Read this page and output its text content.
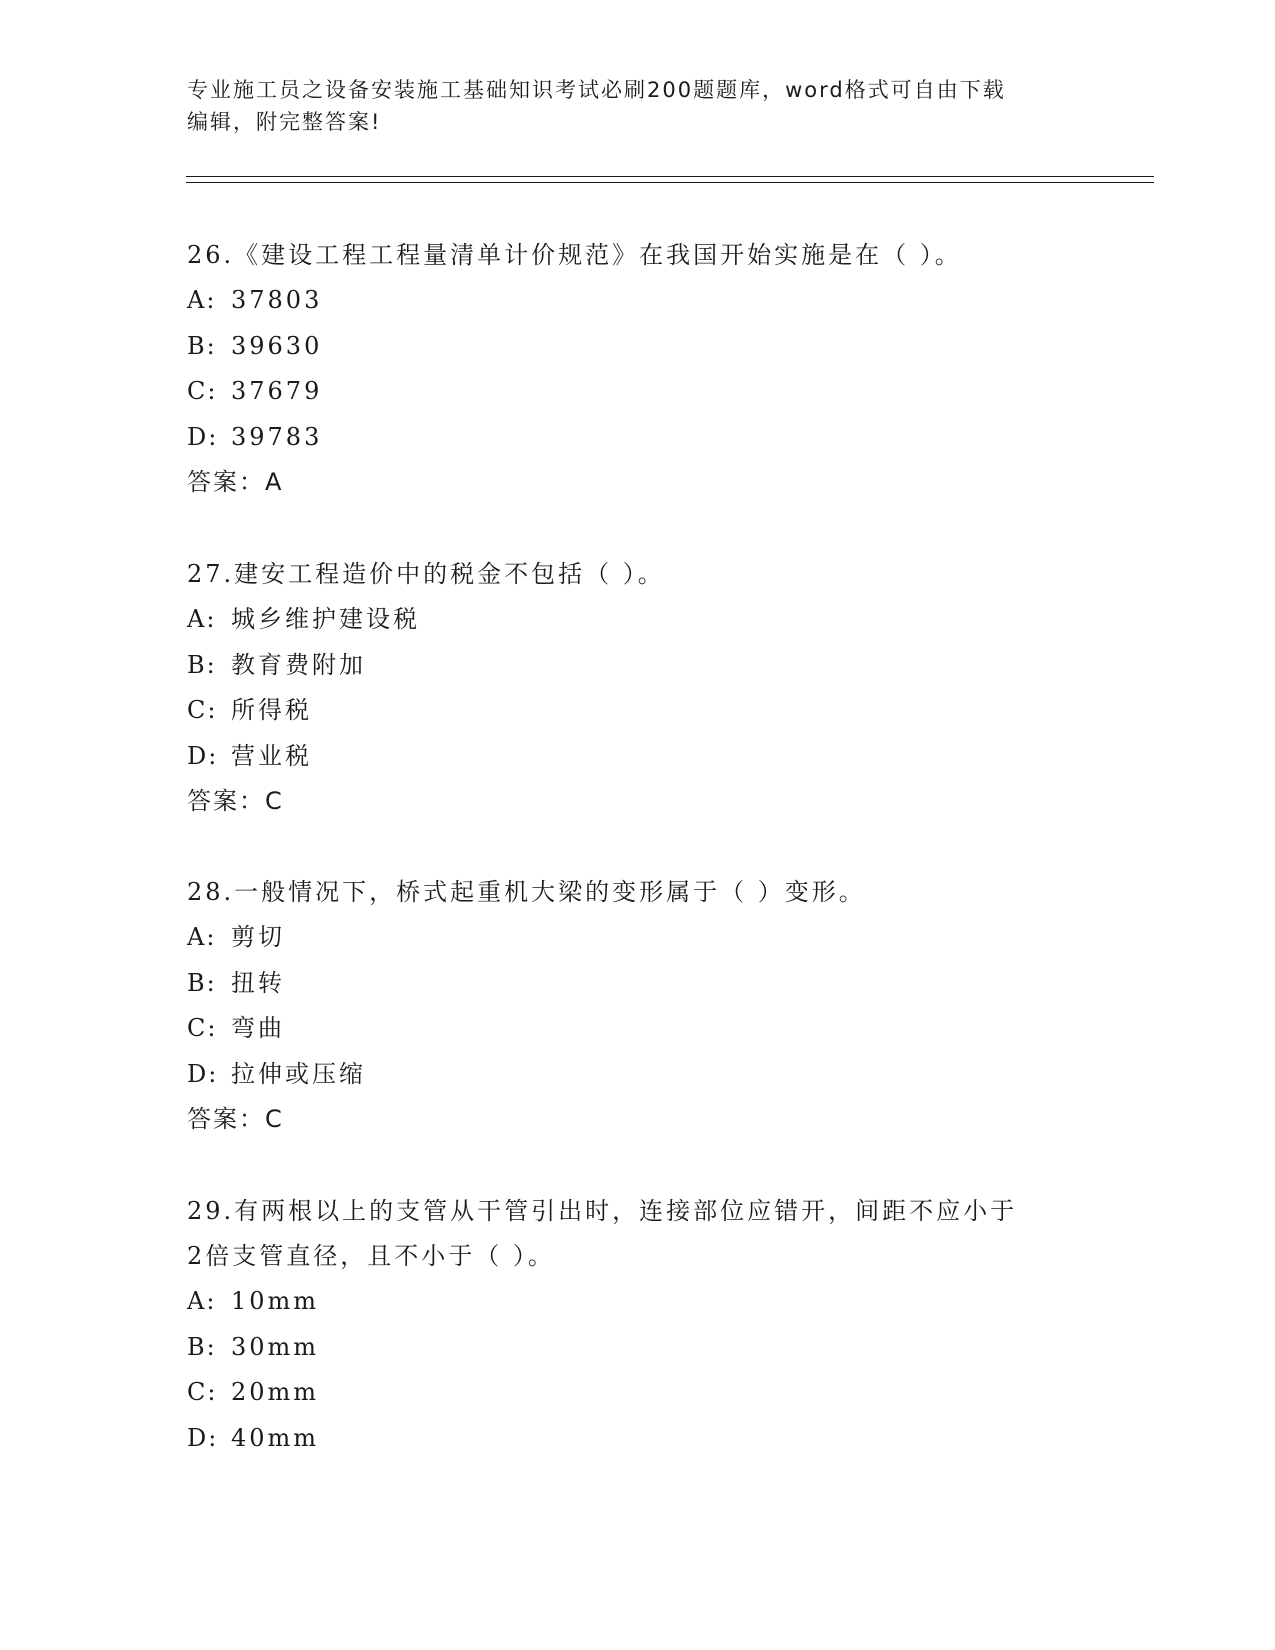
专业施工员之设备安装施工基础知识考试必刷200题题库，word格式可自由下载
编辑，附完整答案!
26.《建设工程工程量清单计价规范》在我国开始实施是在（ ）。
A: 37803
B: 39630
C: 37679
D: 39783
答案：A
27.建安工程造价中的税金不包括（ ）。
A: 城乡维护建设税
B: 教育费附加
C: 所得税
D: 营业税
答案：C
28.一般情况下，桥式起重机大梁的变形属于（ ）变形。
A: 剪切
B: 扭转
C: 弯曲
D: 拉伸或压缩
答案：C
29.有两根以上的支管从干管引出时，连接部位应错开，间距不应小于
2倍支管直径，且不小于（ ）。
A: 10mm
B: 30mm
C: 20mm
D: 40mm
